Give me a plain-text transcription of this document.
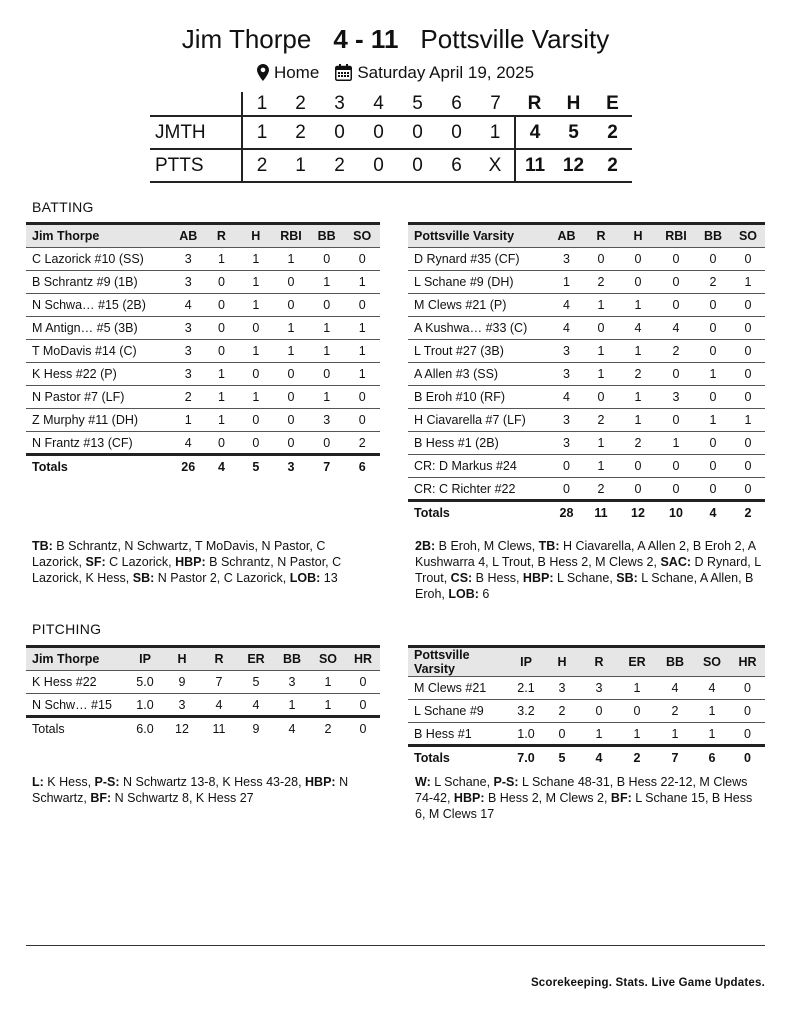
Jim Thorpe 4 - 11 Pottsville Varsity
Home Saturday April 19, 2025
	1	2	3	4	5	6	7	R	H	E
JMTH	1	2	0	0	0	0	1	4	5	2
PTTS	2	1	2	0	0	6	X	11	12	2
BATTING
Jim Thorpe	AB	R	H	RBI	BB	SO
C Lazorick #10 (SS)	3	1	1	1	0	0
B Schrantz #9 (1B)	3	0	1	0	1	1
N Schwa… #15 (2B)	4	0	1	0	0	0
M Antign… #5 (3B)	3	0	0	1	1	1
T MoDavis #14 (C)	3	0	1	1	1	1
K Hess #22 (P)	3	1	0	0	0	1
N Pastor #7 (LF)	2	1	1	0	1	0
Z Murphy #11 (DH)	1	1	0	0	3	0
N Frantz #13 (CF)	4	0	0	0	0	2
Totals	26	4	5	3	7	6
Pottsville Varsity	AB	R	H	RBI	BB	SO
D Rynard #35 (CF)	3	0	0	0	0	0
L Schane #9 (DH)	1	2	0	0	2	1
M Clews #21 (P)	4	1	1	0	0	0
A Kushwa… #33 (C)	4	0	4	4	0	0
L Trout #27 (3B)	3	1	1	2	0	0
A Allen #3 (SS)	3	1	2	0	1	0
B Eroh #10 (RF)	4	0	1	3	0	0
H Ciavarella #7 (LF)	3	2	1	0	1	1
B Hess #1 (2B)	3	1	2	1	0	0
CR: D Markus #24	0	1	0	0	0	0
CR: C Richter #22	0	2	0	0	0	0
Totals	28	11	12	10	4	2
TB: B Schrantz, N Schwartz, T MoDavis, N Pastor, C Lazorick, SF: C Lazorick, HBP: B Schrantz, N Pastor, C Lazorick, K Hess, SB: N Pastor 2, C Lazorick, LOB: 13
2B: B Eroh, M Clews, TB: H Ciavarella, A Allen 2, B Eroh 2, A Kushwarra 4, L Trout, B Hess 2, M Clews 2, SAC: D Rynard, L Trout, CS: B Hess, HBP: L Schane, SB: L Schane, A Allen, B Eroh, LOB: 6
PITCHING
Jim Thorpe	IP	H	R	ER	BB	SO	HR
K Hess #22	5.0	9	7	5	3	1	0
N Schw… #15	1.0	3	4	4	1	1	0
Totals	6.0	12	11	9	4	2	0
Pottsville Varsity	IP	H	R	ER	BB	SO	HR
M Clews #21	2.1	3	3	1	4	4	0
L Schane #9	3.2	2	0	0	2	1	0
B Hess #1	1.0	0	1	1	1	1	0
Totals	7.0	5	4	2	7	6	0
L: K Hess, P-S: N Schwartz 13-8, K Hess 43-28, HBP: N Schwartz, BF: N Schwartz 8, K Hess 27
W: L Schane, P-S: L Schane 48-31, B Hess 22-12, M Clews 74-42, HBP: B Hess 2, M Clews 2, BF: L Schane 15, B Hess 6, M Clews 17
Scorekeeping. Stats. Live Game Updates.
